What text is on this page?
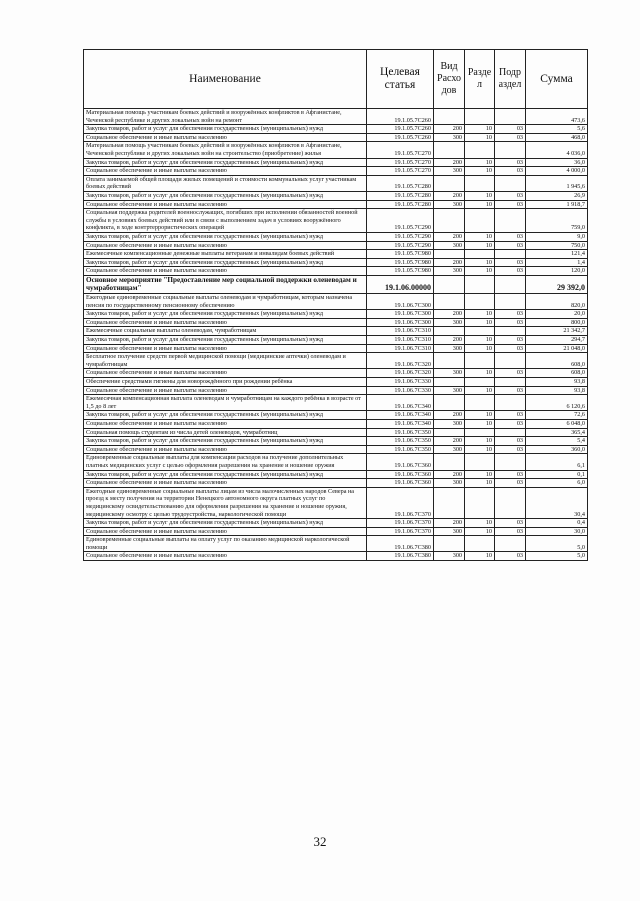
Наименование	Целевая статья	Вид Расхо дов	Разде л	Подр аздел	Сумма
Материальная помощь участникам боевых действий и вооружённых конфликтов в Афганистане, Чеченской республике и других локальных войн на ремонт	19.1.05.7С260				473,6
Закупка товаров, работ и услуг для обеспечения государственных (муниципальных) нужд	19.1.05.7С260	200	10	03	5,6
Социальное обеспечение и иные выплаты населению	19.1.05.7С260	300	10	03	468,0
Материальная помощь участникам боевых действий и вооружённых конфликтов в Афганистане, Чеченской республике и других локальных войн на строительство (приобретение) жилья	19.1.05.7С270				4 036,0
Закупка товаров, работ и услуг для обеспечения государственных (муниципальных) нужд	19.1.05.7С270	200	10	03	36,0
Социальное обеспечение и иные выплаты населению	19.1.05.7С270	300	10	03	4 000,0
Оплата занимаемой общей площади жилых помещений и стоимости коммунальных услуг участникам боевых действий	19.1.05.7С280				1 945,6
Закупка товаров, работ и услуг для обеспечения государственных (муниципальных) нужд	19.1.05.7С280	200	10	03	26,9
Социальное обеспечение и иные выплаты населению	19.1.05.7С280	300	10	03	1 918,7
Социальная поддержка родителей военнослужащих, погибших при исполнении обязанностей военной службы в условиях боевых действий или в связи с выполнением задач в условиях вооружённого конфликта, в ходе контртеррористических операций	19.1.05.7С290				759,0
Закупка товаров, работ и услуг для обеспечения государственных (муниципальных) нужд	19.1.05.7С290	200	10	03	9,0
Социальное обеспечение и иные выплаты населению	19.1.05.7С290	300	10	03	750,0
Ежемесячные компенсационные денежные выплаты ветеранам и инвалидам боевых действий	19.1.05.7С980				121,4
Закупка товаров, работ и услуг для обеспечения государственных (муниципальных) нужд	19.1.05.7С980	200	10	03	1,4
Социальное обеспечение и иные выплаты населению	19.1.05.7С980	300	10	03	120,0
Основное мероприятие "Предоставление мер социальной поддержки оленеводам и чумработницам"	19.1.06.00000				29 392,0
Ежегодные единовременные социальные выплаты оленеводам и чумработницам, которым назначена пенсия по государственному пенсионному обеспечению	19.1.06.7С300				820,0
Закупка товаров, работ и услуг для обеспечения государственных (муниципальных) нужд	19.1.06.7С300	200	10	03	20,0
Социальное обеспечение и иные выплаты населению	19.1.06.7С300	300	10	03	800,0
Ежемесячные социальные выплаты оленеводам, чумработницам	19.1.06.7С310				21 342,7
Закупка товаров, работ и услуг для обеспечения государственных (муниципальных) нужд	19.1.06.7С310	200	10	03	294,7
Социальное обеспечение и иные выплаты населению	19.1.06.7С310	300	10	03	21 048,0
Бесплатное получение средств первой медицинской помощи (медицинские аптечки) оленеводам и чумработницам	19.1.06.7С320				608,0
Социальное обеспечение и иные выплаты населению	19.1.06.7С320	300	10	03	608,0
Обеспечение средствами гигиены для новорождённого при рождении ребёнка	19.1.06.7С330				93,8
Социальное обеспечение и иные выплаты населению	19.1.06.7С330	300	10	03	93,8
Ежемесячная компенсационная выплата оленеводам и чумработницам на каждого ребёнка в возрасте от 1,5 до 8 лет	19.1.06.7С340				6 120,6
Закупка товаров, работ и услуг для обеспечения государственных (муниципальных) нужд	19.1.06.7С340	200	10	03	72,6
Социальное обеспечение и иные выплаты населению	19.1.06.7С340	300	10	03	6 048,0
Социальная помощь студентам из числа детей оленеводов, чумработниц	19.1.06.7С350				365,4
Закупка товаров, работ и услуг для обеспечения государственных (муниципальных) нужд	19.1.06.7С350	200	10	03	5,4
Социальное обеспечение и иные выплаты населению	19.1.06.7С350	300	10	03	360,0
Единовременные социальные выплаты для компенсации расходов на получение дополнительных платных медицинских услуг с целью оформления разрешения на хранение и ношение оружия	19.1.06.7С360				6,1
Закупка товаров, работ и услуг для обеспечения государственных (муниципальных) нужд	19.1.06.7С360	200	10	03	0,1
Социальное обеспечение и иные выплаты населению	19.1.06.7С360	300	10	03	6,0
Ежегодные единовременные социальные выплаты лицам из числа малочисленных народов Севера на проезд к месту получения на территории Ненецкого автономного округа платных услуг по медицинскому освидетельствованию для оформления разрешения на хранение и ношение оружия, медицинскому осмотру с целью трудоустройства, наркологической помощи	19.1.06.7С370				30,4
Закупка товаров, работ и услуг для обеспечения государственных (муниципальных) нужд	19.1.06.7С370	200	10	03	0,4
Социальное обеспечение и иные выплаты населению	19.1.06.7С370	300	10	03	30,0
Единовременные социальные выплаты на оплату услуг по оказанию медицинской наркологической помощи	19.1.06.7С380				5,0
Социальное обеспечение и иные выплаты населению	19.1.06.7С380	300	10	03	5,0
32
